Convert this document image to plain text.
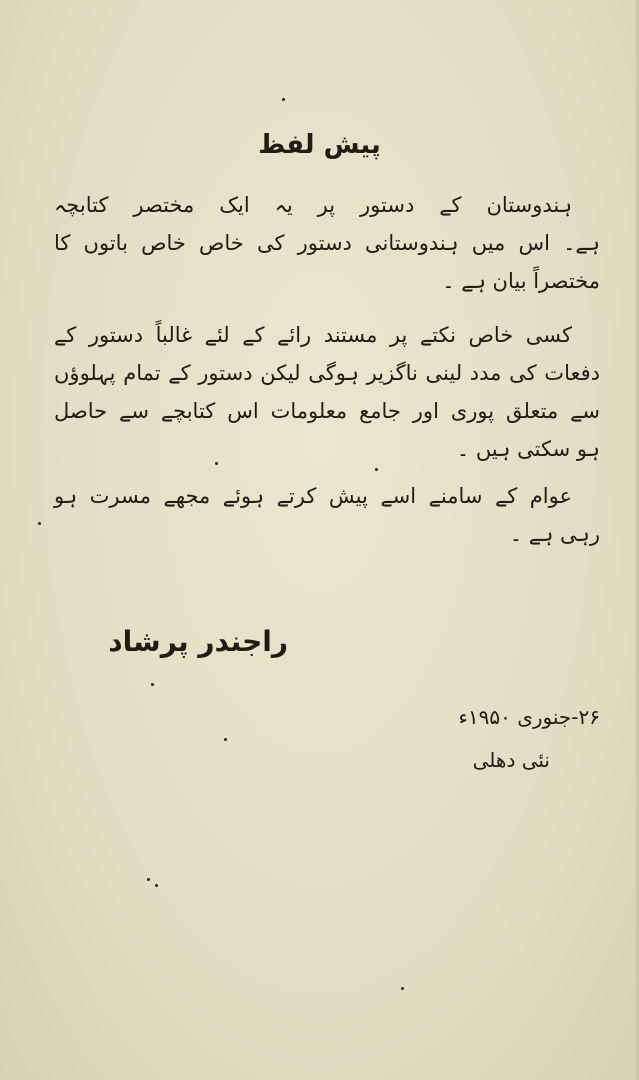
پیش لفظ
ہندوستان کے دستور پر یہ ایک مختصر کتابچہ
ہے۔ اس میں ہندوستانی دستور کی خاص خاص باتوں کا
مختصراً بیان ہے ۔
کسی خاص نکتے پر مستند رائے کے لئے غالباً دستور کے
دفعات کی مدد لینی ناگزیر ہوگی لیکن دستور کے تمام پہلوؤں
سے متعلق پوری اور جامع معلومات اس کتابچے سے حاصل
ہو سکتی ہیں ۔
عوام کے سامنے اسے پیش کرتے ہوئے مجھے مسرت ہو
رہی ہے ۔
راجندر پرشاد
۲۶-جنوری ۱۹۵۰ء
نئی دھلی
